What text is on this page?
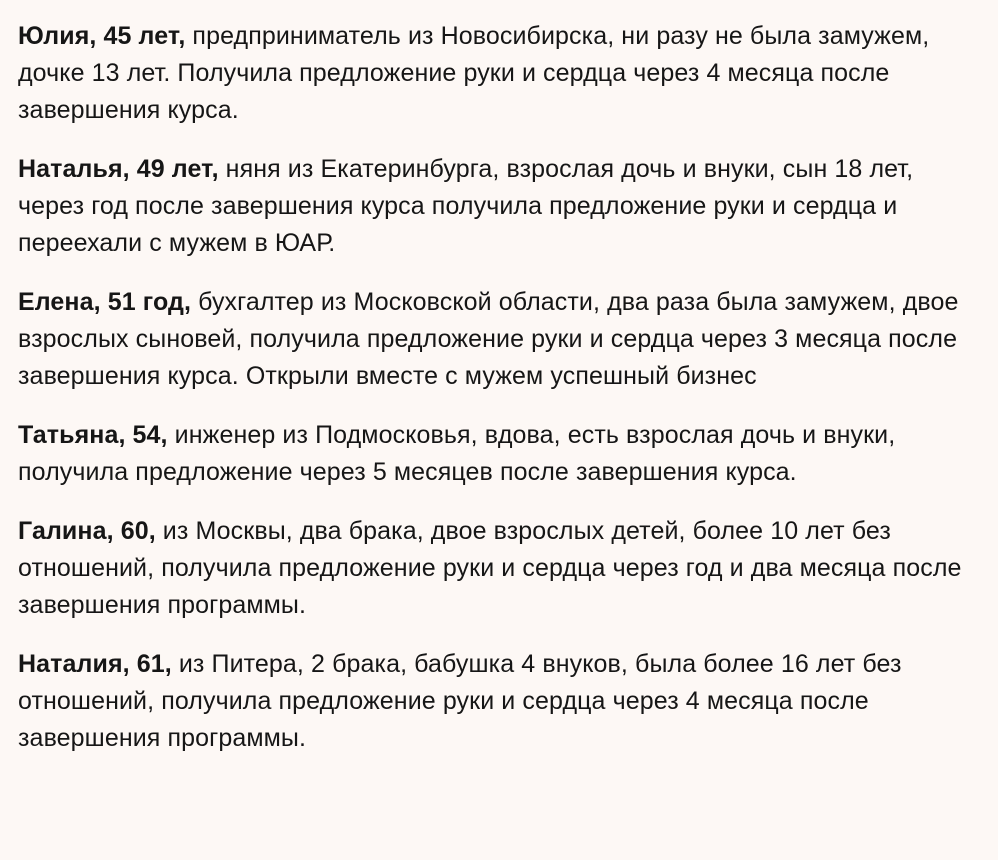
Юлия, 45 лет, предприниматель из Новосибирска, ни разу не была замужем, дочке 13 лет. Получила предложение руки и сердца через 4 месяца после завершения курса.

Наталья, 49 лет, няня из Екатеринбурга, взрослая дочь и внуки, сын 18 лет, через год после завершения курса получила предложение руки и сердца и переехали с мужем в ЮАР.

Елена, 51 год, бухгалтер из Московской области, два раза была замужем, двое взрослых сыновей, получила предложение руки и сердца через 3 месяца после завершения курса. Открыли вместе с мужем успешный бизнес

Татьяна, 54, инженер из Подмосковья, вдова, есть взрослая дочь и внуки, получила предложение через 5 месяцев после завершения курса.

Галина, 60, из Москвы, два брака, двое взрослых детей, более 10 лет без отношений, получила предложение руки и сердца через год и два месяца после завершения программы.

Наталия, 61, из Питера, 2 брака, бабушка 4 внуков, была более 16 лет без отношений, получила предложение руки и сердца через 4 месяца после завершения программы.
